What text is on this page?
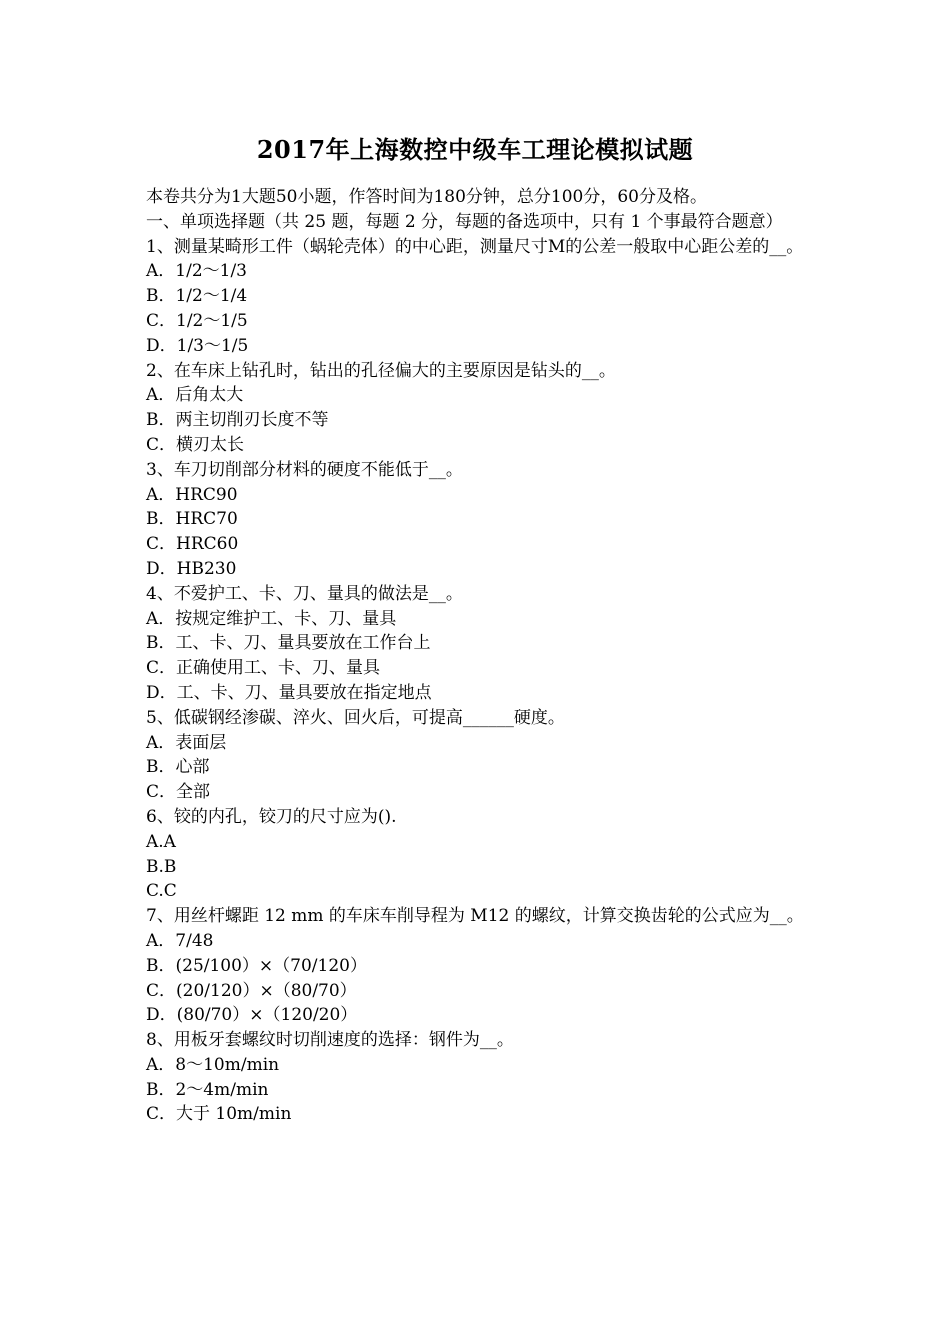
2017年上海数控中级车工理论模拟试题

本卷共分为1大题50小题，作答时间为180分钟，总分100分，60分及格。

一、单项选择题（共 25 题，每题 2 分，每题的备选项中，只有 1 个事最符合题意）

1、测量某畸形工件（蜗轮壳体）的中心距，测量尺寸M的公差一般取中心距公差的__。

A．1/2～1/3

B．1/2～1/4

C．1/2～1/5

D．1/3～1/5

2、在车床上钻孔时，钻出的孔径偏大的主要原因是钻头的__。

A．后角太大

B．两主切削刃长度不等

C．横刃太长

3、车刀切削部分材料的硬度不能低于__。

A．HRC90

B．HRC70

C．HRC60

D．HB230

4、不爱护工、卡、刀、量具的做法是__。

A．按规定维护工、卡、刀、量具

B．工、卡、刀、量具要放在工作台上

C．正确使用工、卡、刀、量具

D．工、卡、刀、量具要放在指定地点

5、低碳钢经渗碳、淬火、回火后，可提高______硬度。

A．表面层

B．心部

C．全部

6、铰的内孔，铰刀的尺寸应为().

A.A

B.B

C.C

7、用丝杆螺距 12 mm 的车床车削导程为 M12 的螺纹，计算交换齿轮的公式应为__。

A．7/48

B．(25/100）×（70/120）

C．(20/120）×（80/70）

D．(80/70）×（120/20）

8、用板牙套螺纹时切削速度的选择：钢件为__。

A．8～10m/min

B．2～4m/min

C．大于 10m/min
